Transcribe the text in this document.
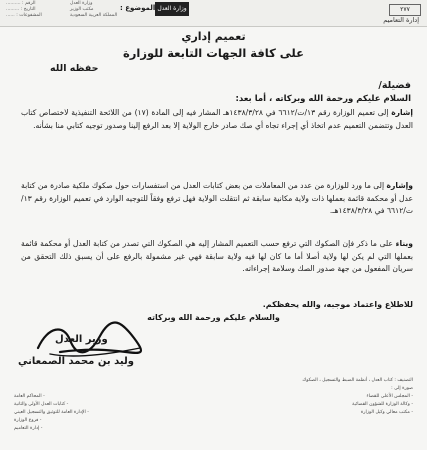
الرقم : ..........
التاريخ : .........
المشفوعات : ......
الموضوع : وزارة العدل
وزارة العدل
مكتب الوزير
المملكة العربية السعودية
٢٧٧
إدارة التعاميم
تعميم إداري
على كافة الجهات التابعة للوزارة
حفظه الله
فضيلة/
السلام عليكم ورحمة الله وبركاته ، أما بعد:
إشارة إلى تعميم الوزارة رقم ١٣/ت/٦٦١٢ في ١٤٣٨/٣/٢٨هـ المشار فيه إلى المادة (١٧) من اللائحة التنفيذية لاختصاص كتاب العدل وتتضمن التعميم عدم اتخاذ أي إجراء تجاه أي صك صادر خارج الولاية إلا بعد الرفع إلينا وصدور توجيه كتابي منا بشأنه.
وإشارة إلى ما ورد للوزارة من عدد من المعاملات من بعض كتابات العدل من استفسارات حول صكوك ملكية صادرة من كتابة عدل أو محكمة قائمة بعملها ذات ولاية مكانية سابقة ثم انتقلت الولاية فهل ترفع وفقاً للتوجيه الوارد في تعميم الوزارة رقم ١٣/ت/٦٦١٢ في ١٤٣٨/٣/٢٨هـ.
وبناء على ما ذكر فإن الصكوك التي ترفع حسب التعميم المشار إليه هي الصكوك التي تصدر من كتابة العدل أو محكمة قائمة بعملها التي لم يكن لها ولاية أصلا أما ما كان لها فيه ولاية سابقة فهي غير مشمولة بالرفع على أن يسبق ذلك التحقق من سريان المفعول من جهة صدور الصك وسلامة إجراءاته.
للاطلاع واعتماد موجبه، والله يحفظكم.
والسلام عليكم ورحمة الله وبركاته
وزير العدل
وليد بن محمد الصمعاني
التصنيف : كتاب العدل ، أنظمة الضبط والتسجيل ، الصكوك
صورة إلى :
- المجلس الأعلى للقضاء
- وكالة الوزارة للشؤون القضائية
- مكتب معالي وكيل الوزارة
- المحاكم العامة
- كتابات العدل الأولى والثانية
- الإدارة العامة للتوثيق والتسجيل العيني
- فروع الوزارة
- إدارة التعاميم
